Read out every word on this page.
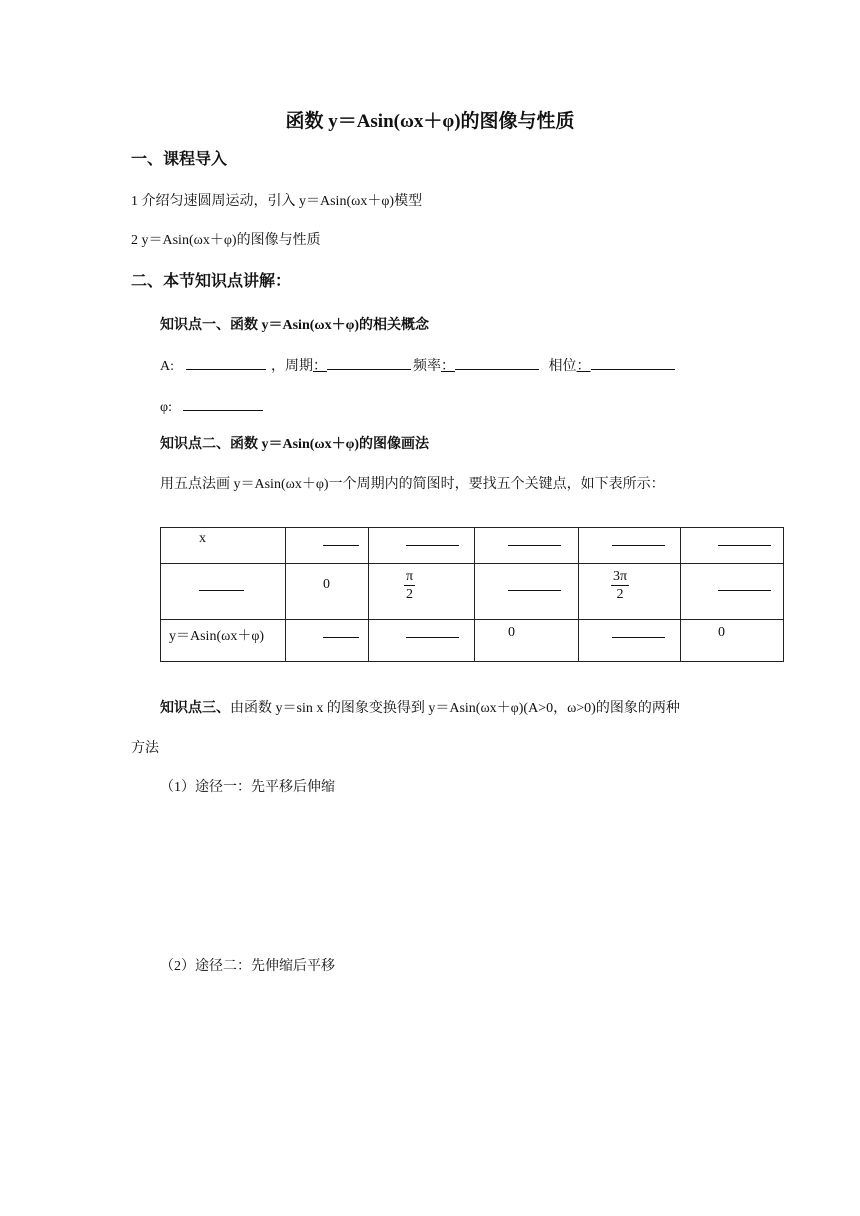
函数 y＝Asin(ωx＋φ)的图像与性质
一、课程导入
1 介绍匀速圆周运动，引入 y＝Asin(ωx＋φ)模型
2 y＝Asin(ωx＋φ)的图像与性质
二、本节知识点讲解：
知识点一、函数 y＝Asin(ωx＋φ)的相关概念
A:	，周期：	频率：	相位：
φ:
知识点二、函数 y＝Asin(ωx＋φ)的图像画法
用五点法画 y＝Asin(ωx＋φ)一个周期内的简图时，要找五个关键点，如下表所示：
x					

	0	$\frac{\pi}{2}$		$\frac{3\pi}{2}$

y＝Asin(ωx＋φ)			0		0
知识点三、由函数 y＝sin x 的图象变换得到 y＝Asin(ωx＋φ)(A>0，ω>0)的图象的两种
方法
（1）途径一：先平移后伸缩
（2）途径二：先伸缩后平移
